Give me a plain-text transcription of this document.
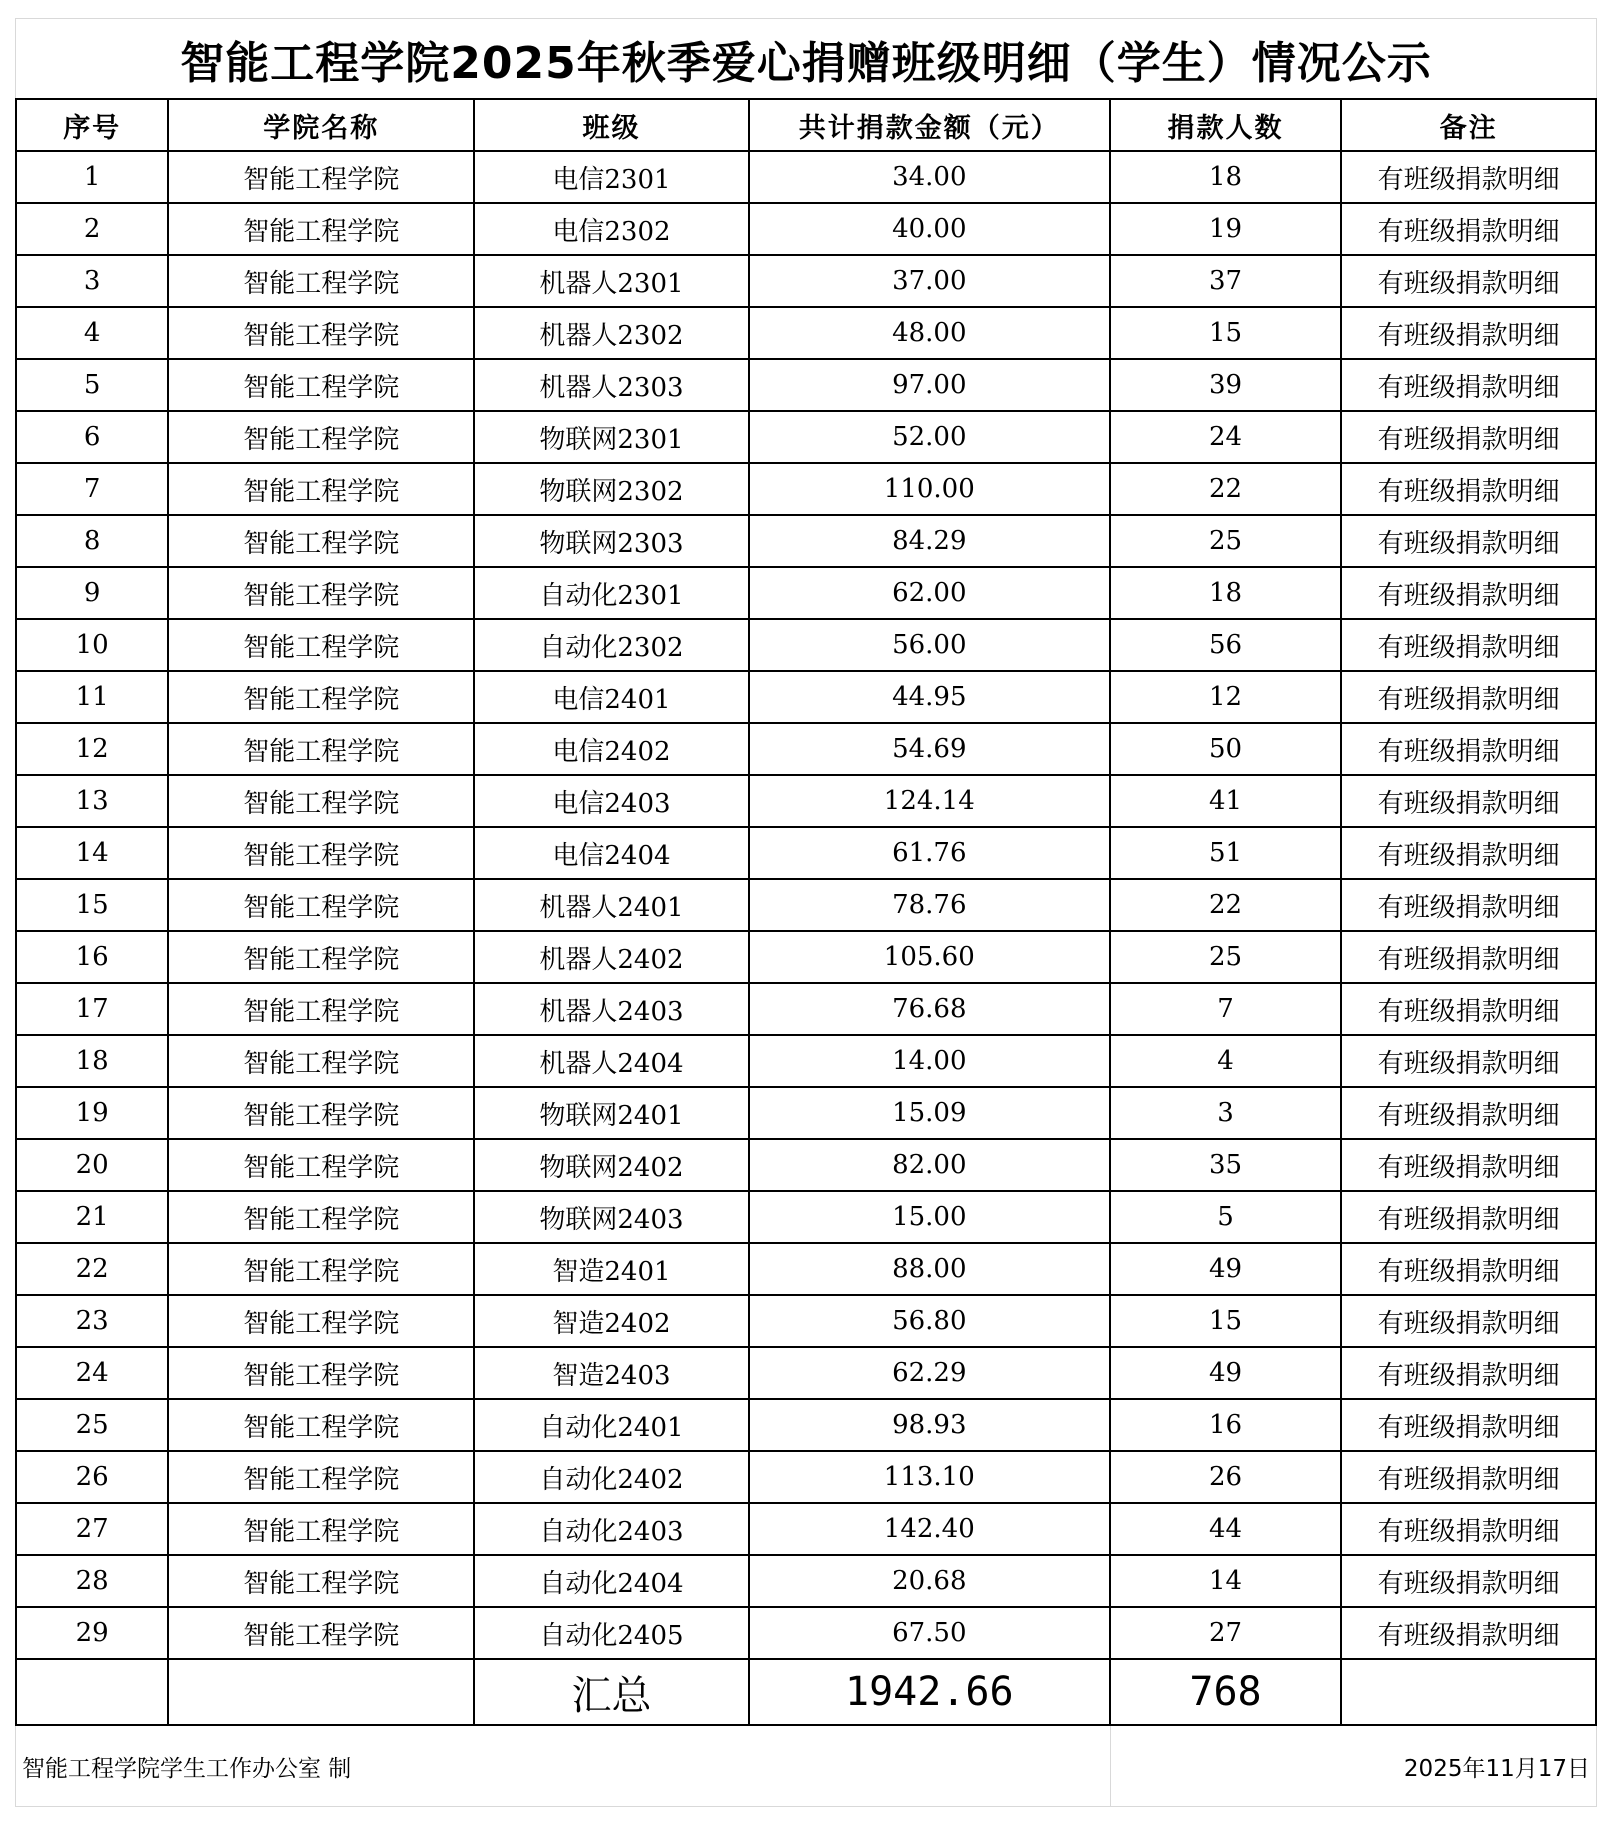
智能工程学院2025年秋季爱心捐赠班级明细（学生）情况公示
序号	学院名称	班级	共计捐款金额（元）	捐款人数	备注
1	智能工程学院	电信2301	34.00	18	有班级捐款明细
2	智能工程学院	电信2302	40.00	19	有班级捐款明细
3	智能工程学院	机器人2301	37.00	37	有班级捐款明细
4	智能工程学院	机器人2302	48.00	15	有班级捐款明细
5	智能工程学院	机器人2303	97.00	39	有班级捐款明细
6	智能工程学院	物联网2301	52.00	24	有班级捐款明细
7	智能工程学院	物联网2302	110.00	22	有班级捐款明细
8	智能工程学院	物联网2303	84.29	25	有班级捐款明细
9	智能工程学院	自动化2301	62.00	18	有班级捐款明细
10	智能工程学院	自动化2302	56.00	56	有班级捐款明细
11	智能工程学院	电信2401	44.95	12	有班级捐款明细
12	智能工程学院	电信2402	54.69	50	有班级捐款明细
13	智能工程学院	电信2403	124.14	41	有班级捐款明细
14	智能工程学院	电信2404	61.76	51	有班级捐款明细
15	智能工程学院	机器人2401	78.76	22	有班级捐款明细
16	智能工程学院	机器人2402	105.60	25	有班级捐款明细
17	智能工程学院	机器人2403	76.68	7	有班级捐款明细
18	智能工程学院	机器人2404	14.00	4	有班级捐款明细
19	智能工程学院	物联网2401	15.09	3	有班级捐款明细
20	智能工程学院	物联网2402	82.00	35	有班级捐款明细
21	智能工程学院	物联网2403	15.00	5	有班级捐款明细
22	智能工程学院	智造2401	88.00	49	有班级捐款明细
23	智能工程学院	智造2402	56.80	15	有班级捐款明细
24	智能工程学院	智造2403	62.29	49	有班级捐款明细
25	智能工程学院	自动化2401	98.93	16	有班级捐款明细
26	智能工程学院	自动化2402	113.10	26	有班级捐款明细
27	智能工程学院	自动化2403	142.40	44	有班级捐款明细
28	智能工程学院	自动化2404	20.68	14	有班级捐款明细
29	智能工程学院	自动化2405	67.50	27	有班级捐款明细
		汇总	1942.66	768	
智能工程学院学生工作办公室 制	2025年11月17日
